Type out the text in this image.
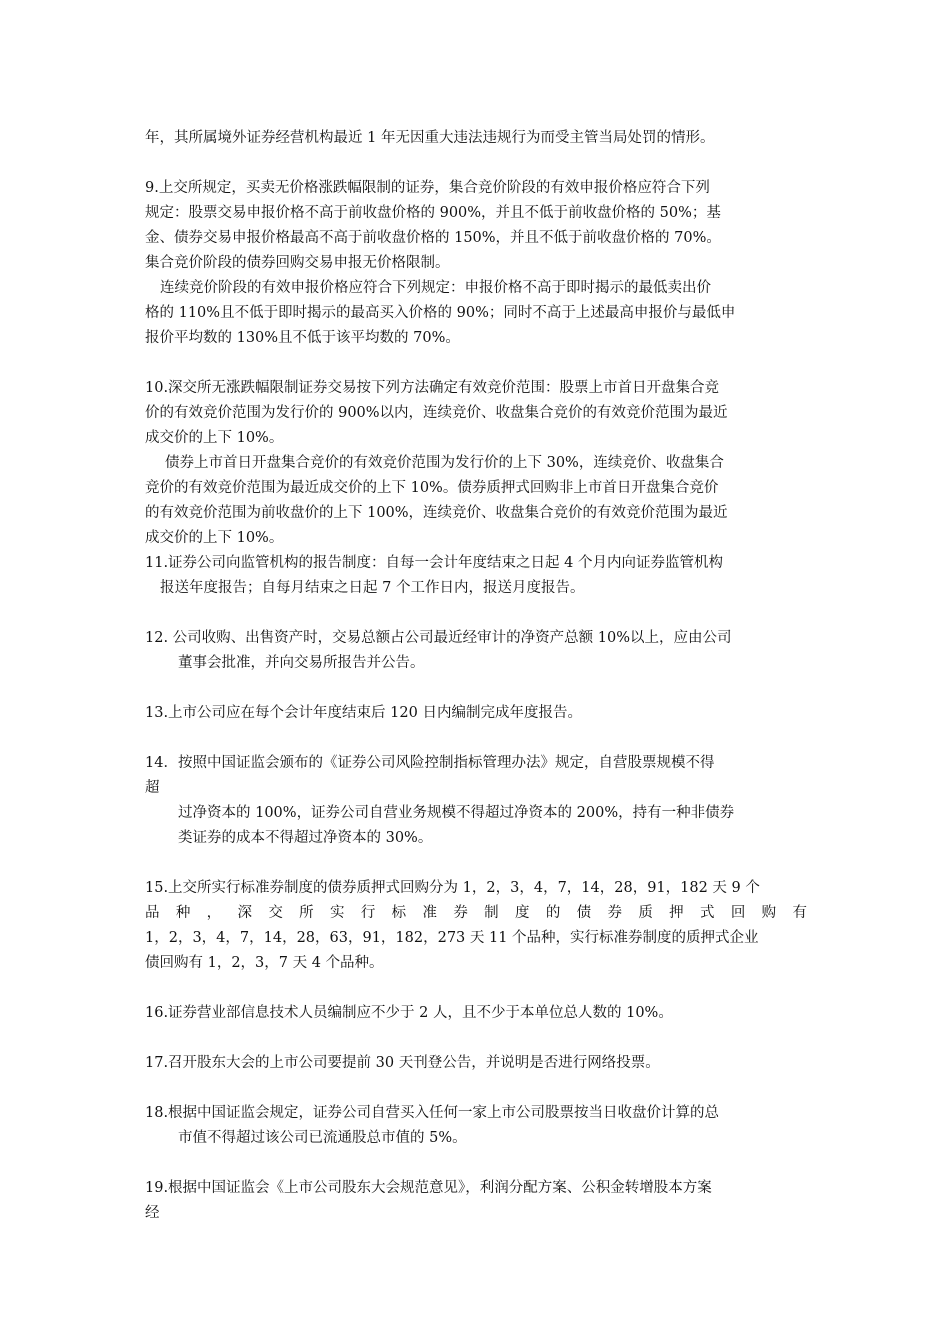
年，其所属境外证券经营机构最近 1 年无因重大违法违规行为而受主管当局处罚的情形。
9.上交所规定，买卖无价格涨跌幅限制的证券，集合竞价阶段的有效申报价格应符合下列
规定：股票交易申报价格不高于前收盘价格的 900%，并且不低于前收盘价格的 50%；基
金、债券交易申报价格最高不高于前收盘价格的 150%，并且不低于前收盘价格的 70%。
集合竞价阶段的债券回购交易申报无价格限制。
连续竞价阶段的有效申报价格应符合下列规定：申报价格不高于即时揭示的最低卖出价
格的 110%且不低于即时揭示的最高买入价格的 90%；同时不高于上述最高申报价与最低申
报价平均数的 130%且不低于该平均数的 70%。
10.深交所无涨跌幅限制证券交易按下列方法确定有效竞价范围：股票上市首日开盘集合竞
价的有效竞价范围为发行价的 900%以内，连续竞价、收盘集合竞价的有效竞价范围为最近
成交价的上下 10%。
债券上市首日开盘集合竞价的有效竞价范围为发行价的上下 30%，连续竞价、收盘集合
竞价的有效竞价范围为最近成交价的上下 10%。债券质押式回购非上市首日开盘集合竞价
的有效竞价范围为前收盘价的上下 100%，连续竞价、收盘集合竞价的有效竞价范围为最近
成交价的上下 10%。
11.证券公司向监管机构的报告制度：自每一会计年度结束之日起 4 个月内向证券监管机构
报送年度报告；自每月结束之日起 7 个工作日内，报送月度报告。
12. 公司收购、出售资产时，交易总额占公司最近经审计的净资产总额 10%以上，应由公司
董事会批准，并向交易所报告并公告。
13.上市公司应在每个会计年度结束后 120 日内编制完成年度报告。
14．按照中国证监会颁布的《证券公司风险控制指标管理办法》规定，自营股票规模不得
超
过净资本的 100%，证券公司自营业务规模不得超过净资本的 200%，持有一种非债券
类证券的成本不得超过净资本的 30%。
15.上交所实行标准券制度的债券质押式回购分为 1，2，3，4，7，14，28，91，182 天 9 个
品 种 ， 深 交 所 实 行 标 准 券 制 度 的 债 券 质 押 式 回 购 有
1，2，3，4，7，14，28，63，91，182，273 天 11 个品种，实行标准券制度的质押式企业
债回购有 1，2，3，7 天 4 个品种。
16.证券营业部信息技术人员编制应不少于 2 人，且不少于本单位总人数的 10%。
17.召开股东大会的上市公司要提前 30 天刊登公告，并说明是否进行网络投票。
18.根据中国证监会规定，证券公司自营买入任何一家上市公司股票按当日收盘价计算的总
市值不得超过该公司已流通股总市值的 5%。
19.根据中国证监会《上市公司股东大会规范意见》，利润分配方案、公积金转增股本方案
经
